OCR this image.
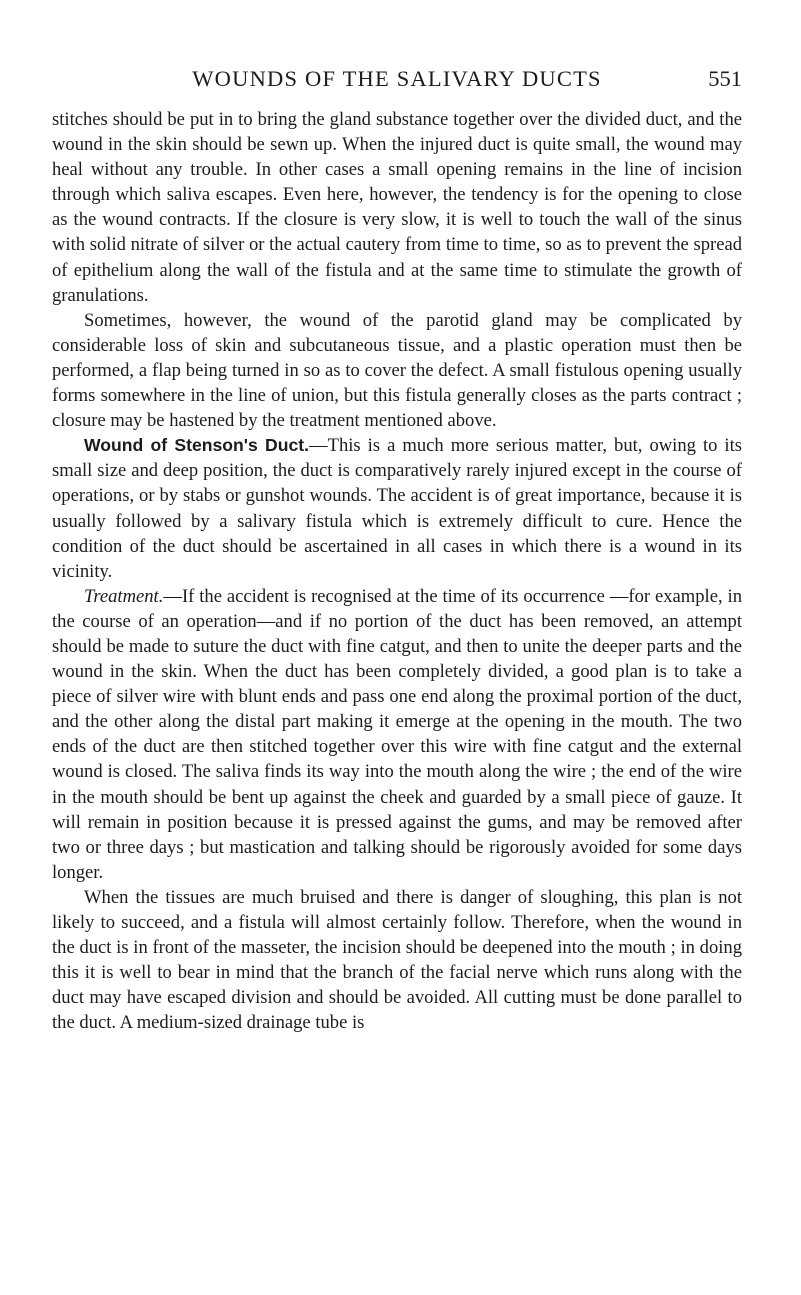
WOUNDS OF THE SALIVARY DUCTS	551

stitches should be put in to bring the gland substance together over the divided duct, and the wound in the skin should be sewn up. When the injured duct is quite small, the wound may heal without any trouble. In other cases a small opening remains in the line of incision through which saliva escapes. Even here, however, the tendency is for the opening to close as the wound contracts. If the closure is very slow, it is well to touch the wall of the sinus with solid nitrate of silver or the actual cautery from time to time, so as to prevent the spread of epithelium along the wall of the fistula and at the same time to stimulate the growth of granulations.

Sometimes, however, the wound of the parotid gland may be complicated by considerable loss of skin and subcutaneous tissue, and a plastic operation must then be performed, a flap being turned in so as to cover the defect. A small fistulous opening usually forms somewhere in the line of union, but this fistula generally closes as the parts contract ; closure may be hastened by the treatment mentioned above.

Wound of Stenson's Duct.—This is a much more serious matter, but, owing to its small size and deep position, the duct is comparatively rarely injured except in the course of operations, or by stabs or gunshot wounds. The accident is of great importance, because it is usually followed by a salivary fistula which is extremely difficult to cure. Hence the condition of the duct should be ascertained in all cases in which there is a wound in its vicinity.

Treatment.—If the accident is recognised at the time of its occurrence —for example, in the course of an operation—and if no portion of the duct has been removed, an attempt should be made to suture the duct with fine catgut, and then to unite the deeper parts and the wound in the skin. When the duct has been completely divided, a good plan is to take a piece of silver wire with blunt ends and pass one end along the proximal portion of the duct, and the other along the distal part making it emerge at the opening in the mouth. The two ends of the duct are then stitched together over this wire with fine catgut and the external wound is closed. The saliva finds its way into the mouth along the wire ; the end of the wire in the mouth should be bent up against the cheek and guarded by a small piece of gauze. It will remain in position because it is pressed against the gums, and may be removed after two or three days ; but mastication and talking should be rigorously avoided for some days longer.

When the tissues are much bruised and there is danger of sloughing, this plan is not likely to succeed, and a fistula will almost certainly follow. Therefore, when the wound in the duct is in front of the masseter, the incision should be deepened into the mouth ; in doing this it is well to bear in mind that the branch of the facial nerve which runs along with the duct may have escaped division and should be avoided. All cutting must be done parallel to the duct. A medium-sized drainage tube is
